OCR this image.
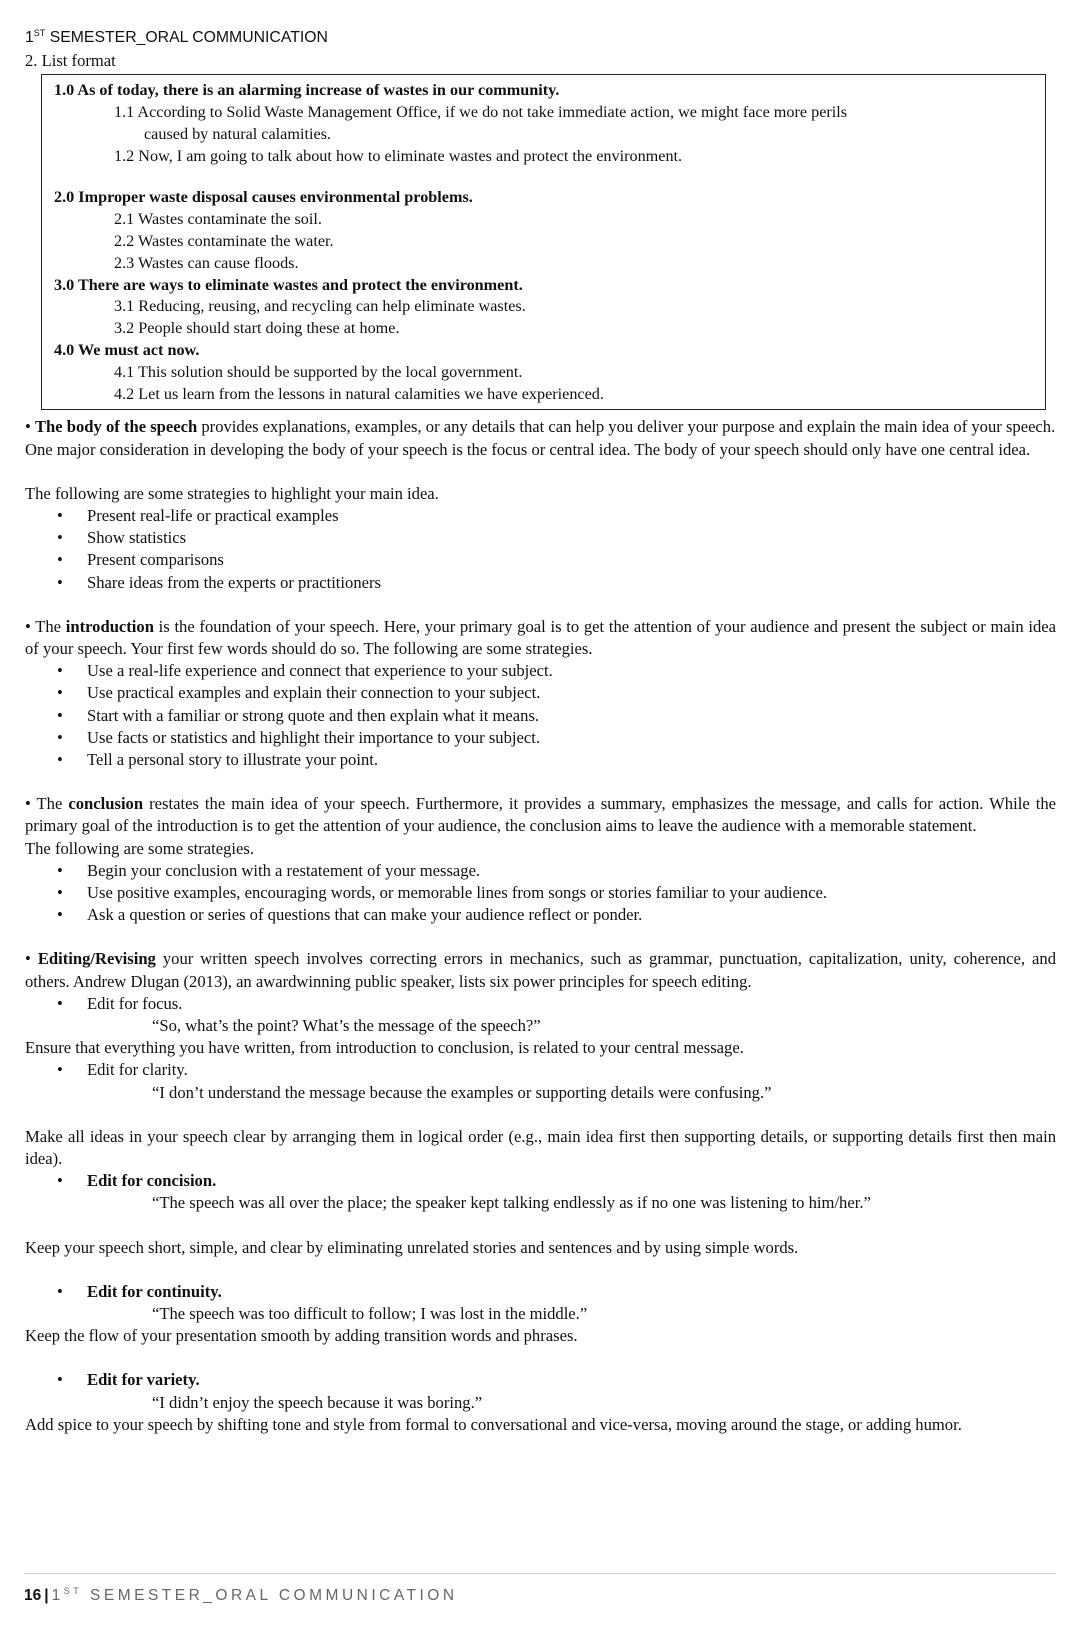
1ST SEMESTER_ORAL COMMUNICATION

2. List format

1.0 As of today, there is an alarming increase of wastes in our community.
1.1 According to Solid Waste Management Office, if we do not take immediate action, we might face more perils
caused by natural calamities.
1.2 Now, I am going to talk about how to eliminate wastes and protect the environment.
2.0 Improper waste disposal causes environmental problems.
2.1 Wastes contaminate the soil.
2.2 Wastes contaminate the water.
2.3 Wastes can cause floods.
3.0 There are ways to eliminate wastes and protect the environment.
3.1 Reducing, reusing, and recycling can help eliminate wastes.
3.2 People should start doing these at home.
4.0 We must act now.
4.1 This solution should be supported by the local government.
4.2 Let us learn from the lessons in natural calamities we have experienced.

• The body of the speech provides explanations, examples, or any details that can help you deliver your purpose and explain the main idea of your speech.

One major consideration in developing the body of your speech is the focus or central idea. The body of your speech should only have one central idea.

The following are some strategies to highlight your main idea.

• Present real-life or practical examples
• Show statistics
• Present comparisons
• Share ideas from the experts or practitioners

• The introduction is the foundation of your speech. Here, your primary goal is to get the attention of your audience and present the subject or main idea of your speech. Your first few words should do so. The following are some strategies.

• Use a real-life experience and connect that experience to your subject.
• Use practical examples and explain their connection to your subject.
• Start with a familiar or strong quote and then explain what it means.
• Use facts or statistics and highlight their importance to your subject.
• Tell a personal story to illustrate your point.

• The conclusion restates the main idea of your speech. Furthermore, it provides a summary, emphasizes the message, and calls for action. While the primary goal of the introduction is to get the attention of your audience, the conclusion aims to leave the audience with a memorable statement.

The following are some strategies.

• Begin your conclusion with a restatement of your message.
• Use positive examples, encouraging words, or memorable lines from songs or stories familiar to your audience.
• Ask a question or series of questions that can make your audience reflect or ponder.

• Editing/Revising your written speech involves correcting errors in mechanics, such as grammar, punctuation, capitalization, unity, coherence, and others. Andrew Dlugan (2013), an awardwinning public speaker, lists six power principles for speech editing.

• Edit for focus.

“So, what’s the point? What’s the message of the speech?”

Ensure that everything you have written, from introduction to conclusion, is related to your central message.

• Edit for clarity.

“I don’t understand the message because the examples or supporting details were confusing.”

Make all ideas in your speech clear by arranging them in logical order (e.g., main idea first then supporting details, or supporting details first then main idea).

• Edit for concision.

“The speech was all over the place; the speaker kept talking endlessly as if no one was listening to him/her.”

Keep your speech short, simple, and clear by eliminating unrelated stories and sentences and by using simple words.

• Edit for continuity.

“The speech was too difficult to follow; I was lost in the middle.”

Keep the flow of your presentation smooth by adding transition words and phrases.

• Edit for variety.

“I didn’t enjoy the speech because it was boring.”

Add spice to your speech by shifting tone and style from formal to conversational and vice-versa, moving around the stage, or adding humor.

16 | 1ST SEMESTER_ORAL COMMUNICATION
